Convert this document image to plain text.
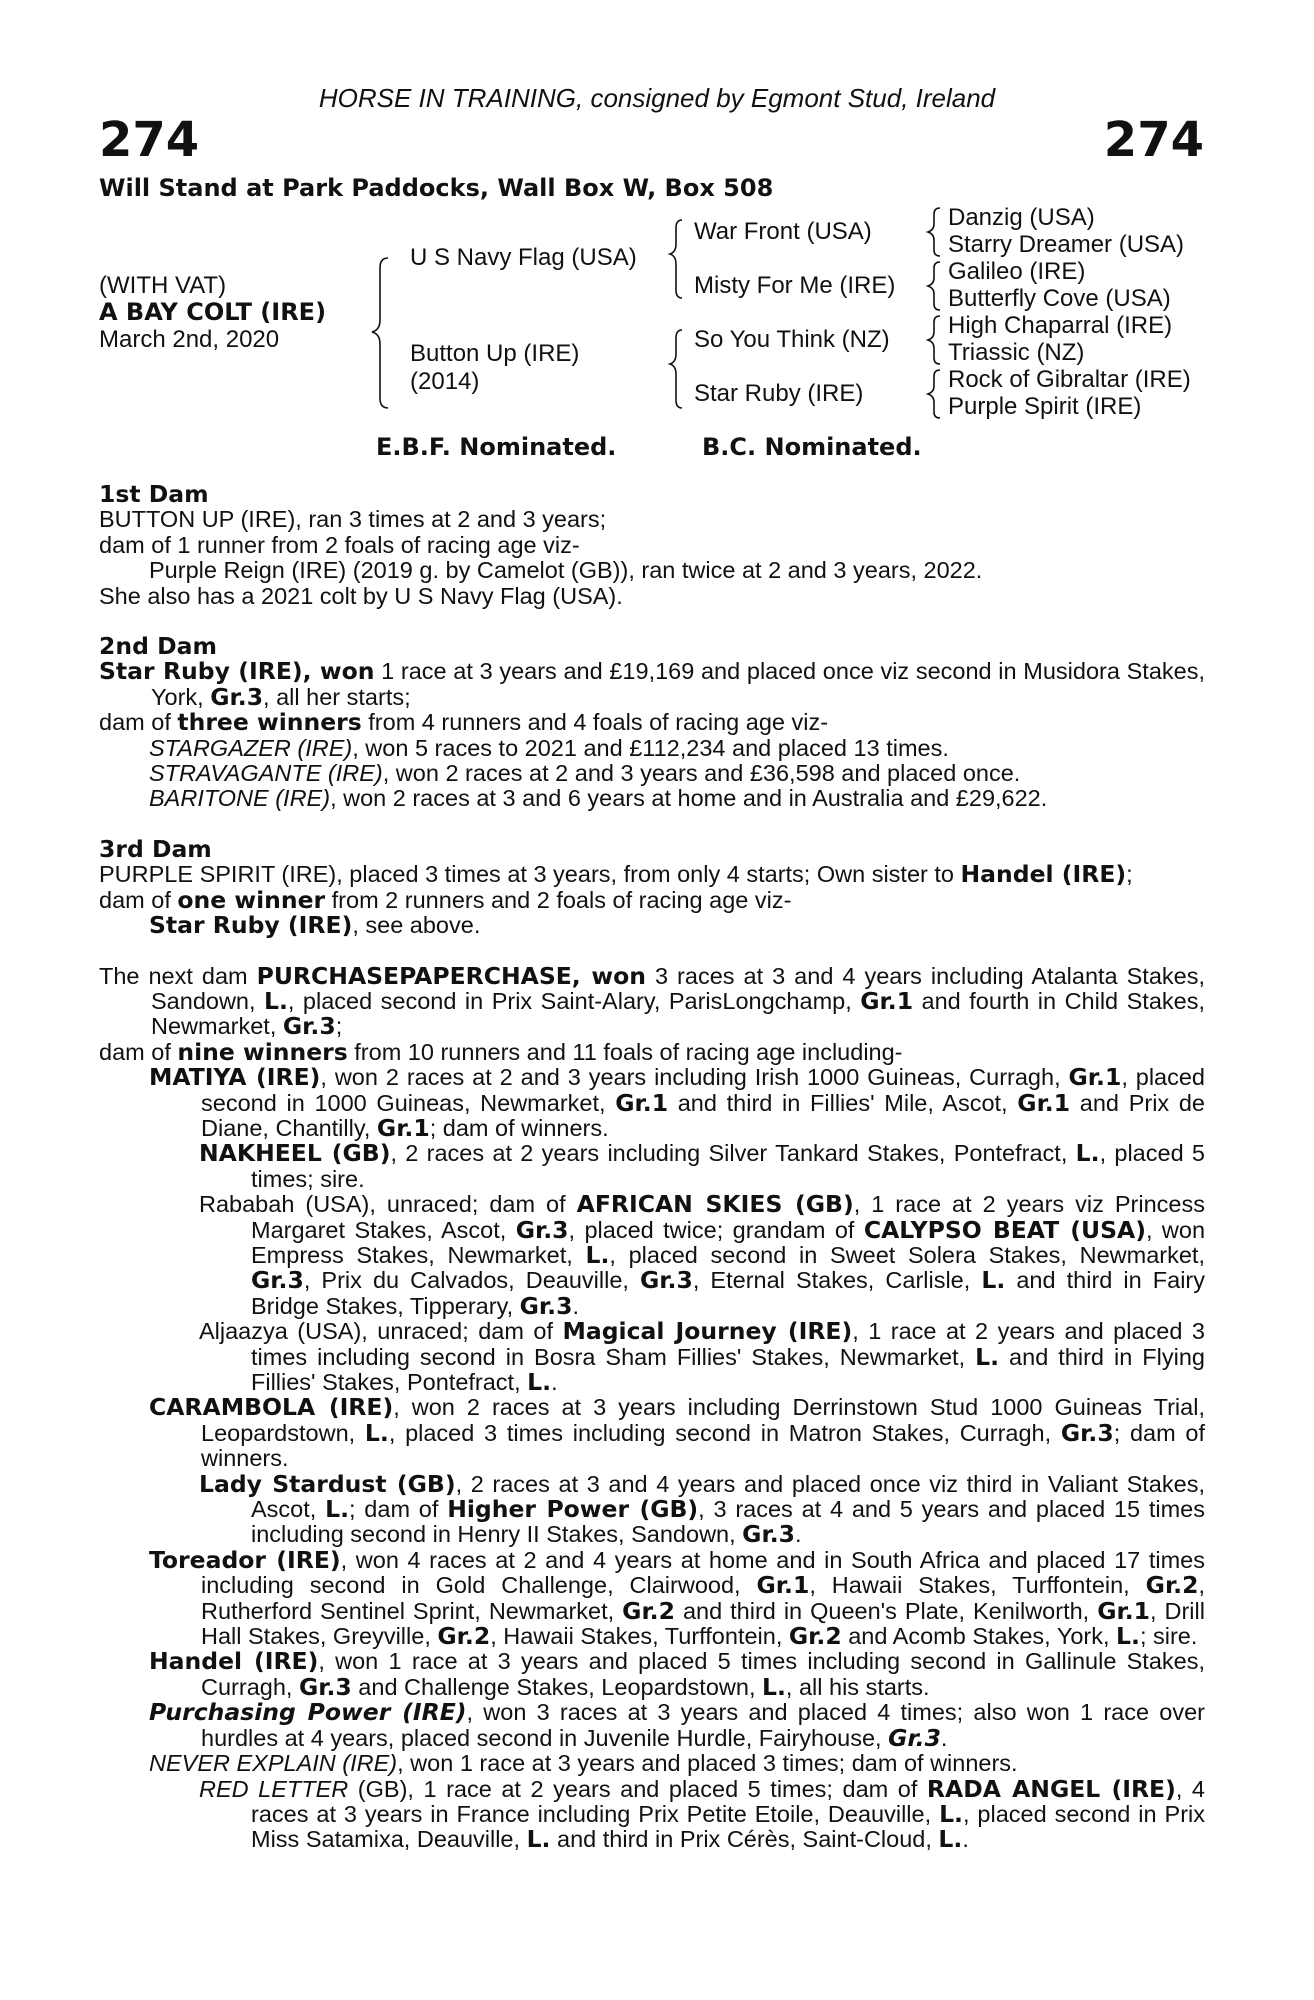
HORSE IN TRAINING, consigned by Egmont Stud, Ireland
274	274
Will Stand at Park Paddocks, Wall Box W, Box 508
(WITH VAT)
A BAY COLT (IRE)
March 2nd, 2020
U S Navy Flag (USA)
Button Up (IRE)
(2014)
War Front (USA)
Misty For Me (IRE)
So You Think (NZ)
Star Ruby (IRE)
Danzig (USA)
Starry Dreamer (USA)
Galileo (IRE)
Butterfly Cove (USA)
High Chaparral (IRE)
Triassic (NZ)
Rock of Gibraltar (IRE)
Purple Spirit (IRE)
E.B.F. Nominated.	B.C. Nominated.

1st Dam

BUTTON UP (IRE), ran 3 times at 2 and 3 years;

dam of 1 runner from 2 foals of racing age viz-

Purple Reign (IRE) (2019 g. by Camelot (GB)), ran twice at 2 and 3 years, 2022.

She also has a 2021 colt by U S Navy Flag (USA).

2nd Dam

Star Ruby (IRE), won 1 race at 3 years and £19,169 and placed once viz second in Musidora Stakes, York, Gr.3, all her starts;

dam of three winners from 4 runners and 4 foals of racing age viz-

STARGAZER (IRE), won 5 races to 2021 and £112,234 and placed 13 times.

STRAVAGANTE (IRE), won 2 races at 2 and 3 years and £36,598 and placed once.

BARITONE (IRE), won 2 races at 3 and 6 years at home and in Australia and £29,622.

3rd Dam

PURPLE SPIRIT (IRE), placed 3 times at 3 years, from only 4 starts; Own sister to Handel (IRE);

dam of one winner from 2 runners and 2 foals of racing age viz-

Star Ruby (IRE), see above.

The next dam PURCHASEPAPERCHASE, won 3 races at 3 and 4 years including Atalanta Stakes, Sandown, L., placed second in Prix Saint-Alary, ParisLongchamp, Gr.1 and fourth in Child Stakes, Newmarket, Gr.3;

dam of nine winners from 10 runners and 11 foals of racing age including-

MATIYA (IRE), won 2 races at 2 and 3 years including Irish 1000 Guineas, Curragh, Gr.1, placed second in 1000 Guineas, Newmarket, Gr.1 and third in Fillies' Mile, Ascot, Gr.1 and Prix de Diane, Chantilly, Gr.1; dam of winners.

NAKHEEL (GB), 2 races at 2 years including Silver Tankard Stakes, Pontefract, L., placed 5 times; sire.

Rababah (USA), unraced; dam of AFRICAN SKIES (GB), 1 race at 2 years viz Princess Margaret Stakes, Ascot, Gr.3, placed twice; grandam of CALYPSO BEAT (USA), won Empress Stakes, Newmarket, L., placed second in Sweet Solera Stakes, Newmarket, Gr.3, Prix du Calvados, Deauville, Gr.3, Eternal Stakes, Carlisle, L. and third in Fairy Bridge Stakes, Tipperary, Gr.3.

Aljaazya (USA), unraced; dam of Magical Journey (IRE), 1 race at 2 years and placed 3 times including second in Bosra Sham Fillies' Stakes, Newmarket, L. and third in Flying Fillies' Stakes, Pontefract, L..

CARAMBOLA (IRE), won 2 races at 3 years including Derrinstown Stud 1000 Guineas Trial, Leopardstown, L., placed 3 times including second in Matron Stakes, Curragh, Gr.3; dam of winners.

Lady Stardust (GB), 2 races at 3 and 4 years and placed once viz third in Valiant Stakes, Ascot, L.; dam of Higher Power (GB), 3 races at 4 and 5 years and placed 15 times including second in Henry II Stakes, Sandown, Gr.3.

Toreador (IRE), won 4 races at 2 and 4 years at home and in South Africa and placed 17 times including second in Gold Challenge, Clairwood, Gr.1, Hawaii Stakes, Turffontein, Gr.2, Rutherford Sentinel Sprint, Newmarket, Gr.2 and third in Queen's Plate, Kenilworth, Gr.1, Drill Hall Stakes, Greyville, Gr.2, Hawaii Stakes, Turffontein, Gr.2 and Acomb Stakes, York, L.; sire.

Handel (IRE), won 1 race at 3 years and placed 5 times including second in Gallinule Stakes, Curragh, Gr.3 and Challenge Stakes, Leopardstown, L., all his starts.

Purchasing Power (IRE), won 3 races at 3 years and placed 4 times; also won 1 race over hurdles at 4 years, placed second in Juvenile Hurdle, Fairyhouse, Gr.3.

NEVER EXPLAIN (IRE), won 1 race at 3 years and placed 3 times; dam of winners.

RED LETTER (GB), 1 race at 2 years and placed 5 times; dam of RADA ANGEL (IRE), 4 races at 3 years in France including Prix Petite Etoile, Deauville, L., placed second in Prix Miss Satamixa, Deauville, L. and third in Prix Cérès, Saint-Cloud, L..
